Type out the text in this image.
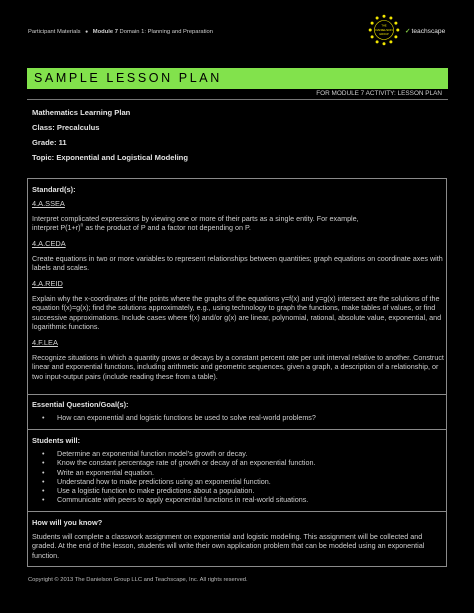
Participant Materials ● Module 7 Domain 1: Planning and Preparation
THE
DANIELSON
GROUP ✓teachscape
SAMPLE LESSON PLAN
FOR MODULE 7 ACTIVITY: LESSON PLAN
Mathematics Learning Plan
Class: Precalculus
Grade: 11
Topic: Exponential and Logistical Modeling
Standard(s):
4.A.SSEA
Interpret complicated expressions by viewing one or more of their parts as a single entity. For example,
interpret $P(1+r)^n$ as the product of P and a factor not depending on P.
4.A.CEDA
Create equations in two or more variables to represent relationships between quantities; graph equations on coordinate axes with labels and scales.
4.A.REID
Explain why the x-coordinates of the points where the graphs of the equations y=f(x) and y=g(x) intersect are the solutions of the equation f(x)=g(x); find the solutions approximately, e.g., using technology to graph the functions, make tables of values, or find successive approximations. Include cases where f(x) and/or g(x) are linear, polynomial, rational, absolute value, exponential, and logarithmic functions.
4.F.LEA
Recognize situations in which a quantity grows or decays by a constant percent rate per unit interval relative to another. Construct linear and exponential functions, including arithmetic and geometric sequences, given a graph, a description of a relationship, or two input-output pairs (include reading these from a table).
Essential Question/Goal(s):
• How can exponential and logistic functions be used to solve real-world problems?
Students will:
• Determine an exponential function model’s growth or decay.
• Know the constant percentage rate of growth or decay of an exponential function.
• Write an exponential equation.
• Understand how to make predictions using an exponential function.
• Use a logistic function to make predictions about a population.
• Communicate with peers to apply exponential functions in real-world situations.
How will you know?
Students will complete a classwork assignment on exponential and logistic modeling. This assignment will be collected and graded. At the end of the lesson, students will write their own application problem that can be modeled using an exponential function.
Copyright © 2013 The Danielson Group LLC and Teachscape, Inc. All rights reserved.
